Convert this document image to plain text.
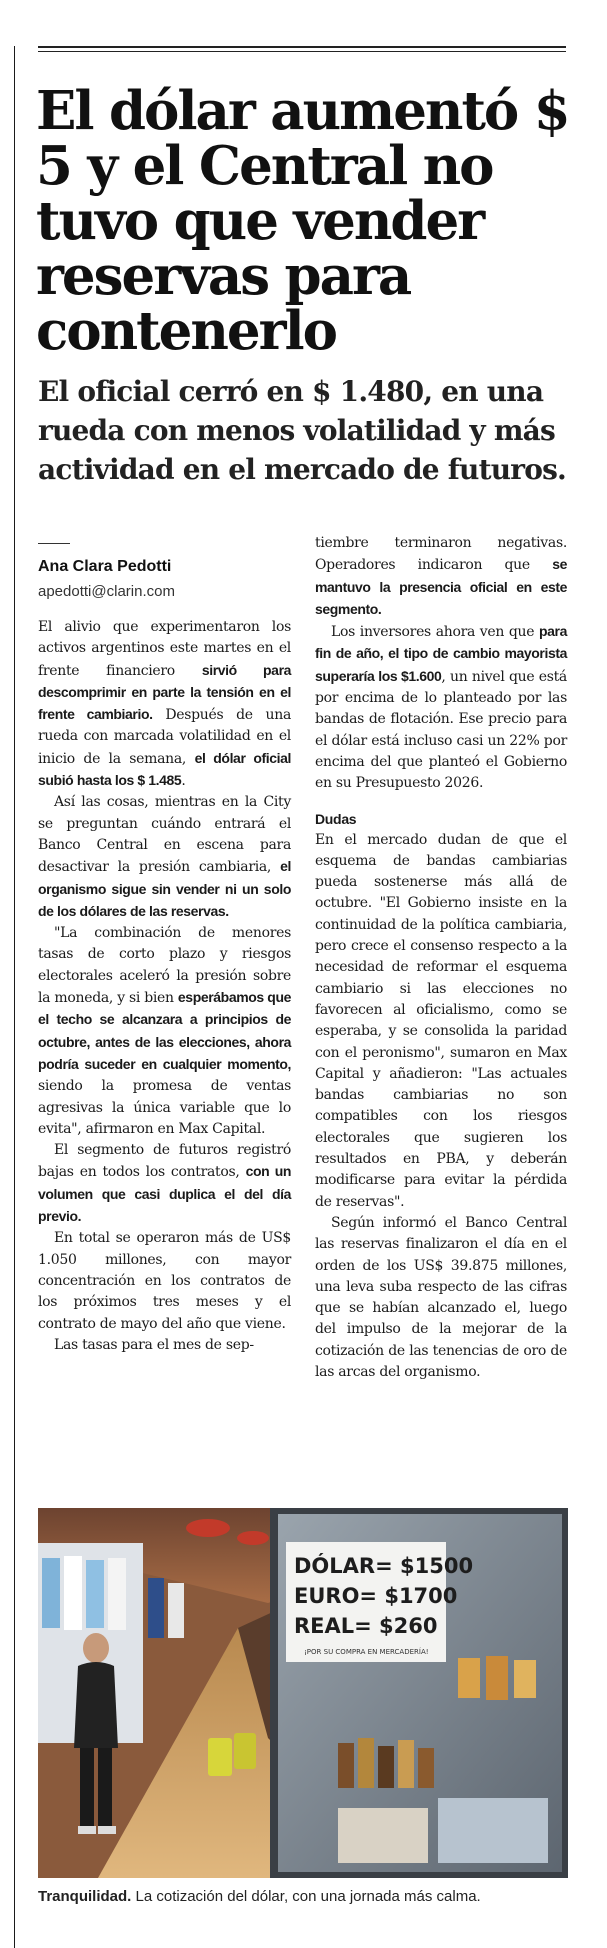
El dólar aumentó $ 5 y el Central no tuvo que vender reservas para contenerlo
El oficial cerró en $ 1.480, en una rueda con menos volatilidad y más actividad en el mercado de futuros.
Ana Clara Pedotti
apedotti@clarin.com

El alivio que experimentaron los activos argentinos este martes en el frente financiero sirvió para descomprimir en parte la tensión en el frente cambiario. Después de una rueda con marcada volatilidad en el inicio de la semana, el dólar oficial subió hasta los $ 1.485.

Así las cosas, mientras en la City se preguntan cuándo entrará el Banco Central en escena para desactivar la presión cambiaria, el organismo sigue sin vender ni un solo de los dólares de las reservas.

"La combinación de menores tasas de corto plazo y riesgos electorales aceleró la presión sobre la moneda, y si bien esperábamos que el techo se alcanzara a principios de octubre, antes de las elecciones, ahora podría suceder en cualquier momento, siendo la promesa de ventas agresivas la única variable que lo evita", afirmaron en Max Capital.

El segmento de futuros registró bajas en todos los contratos, con un volumen que casi duplica el del día previo.

En total se operaron más de US$ 1.050 millones, con mayor concentración en los contratos de los próximos tres meses y el contrato de mayo del año que viene.

Las tasas para el mes de sep-

tiembre terminaron negativas. Operadores indicaron que se mantuvo la presencia oficial en este segmento.

Los inversores ahora ven que para fin de año, el tipo de cambio mayorista superaría los $1.600, un nivel que está por encima de lo planteado por las bandas de flotación. Ese precio para el dólar está incluso casi un 22% por encima del que planteó el Gobierno en su Presupuesto 2026.

Dudas

En el mercado dudan de que el esquema de bandas cambiarias pueda sostenerse más allá de octubre. "El Gobierno insiste en la continuidad de la política cambiaria, pero crece el consenso respecto a la necesidad de reformar el esquema cambiario si las elecciones no favorecen al oficialismo, como se esperaba, y se consolida la paridad con el peronismo", sumaron en Max Capital y añadieron: "Las actuales bandas cambiarias no son compatibles con los riesgos electorales que sugieren los resultados en PBA, y deberán modificarse para evitar la pérdida de reservas".

Según informó el Banco Central las reservas finalizaron el día en el orden de los US$ 39.875 millones, una leva suba respecto de las cifras que se habían alcanzado el, luego del impulso de la mejorar de la cotización de las tenencias de oro de las arcas del organismo.

DÓLAR= $1500
EURO= $1700
REAL= $260
¡POR SU COMPRA EN MERCADERÍA!
Tranquilidad. La cotización del dólar, con una jornada más calma.
